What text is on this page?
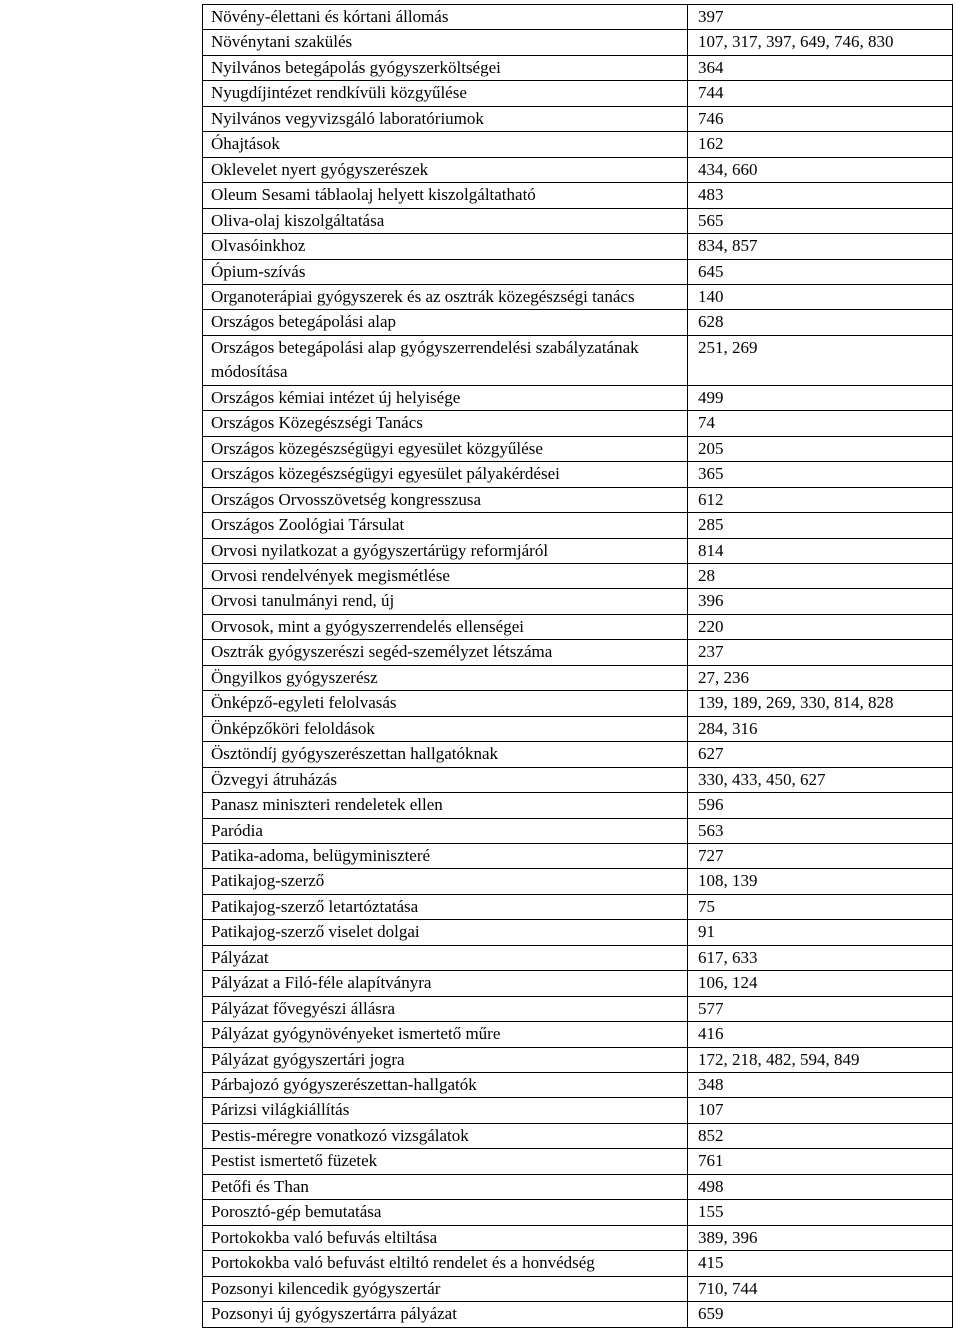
Növény-élettani és kórtani állomás	397
Növénytani szakülés	107, 317, 397, 649, 746, 830
Nyilvános betegápolás gyógyszerköltségei	364
Nyugdíjintézet rendkívüli közgyűlése	744
Nyilvános vegyvizsgáló laboratóriumok	746
Óhajtások	162
Oklevelet nyert gyógyszerészek	434, 660
Oleum Sesami táblaolaj helyett kiszolgáltatható	483
Oliva-olaj kiszolgáltatása	565
Olvasóinkhoz	834, 857
Ópium-szívás	645
Organoterápiai gyógyszerek és az osztrák közegészségi tanács	140
Országos betegápolási alap	628
Országos betegápolási alap gyógyszerrendelési szabályzatának módosítása	251, 269
Országos kémiai intézet új helyisége	499
Országos Közegészségi Tanács	74
Országos közegészségügyi egyesület közgyűlése	205
Országos közegészségügyi egyesület pályakérdései	365
Országos Orvosszövetség kongresszusa	612
Országos Zoológiai Társulat	285
Orvosi nyilatkozat a gyógyszertárügy reformjáról	814
Orvosi rendelvények megismétlése	28
Orvosi tanulmányi rend, új	396
Orvosok, mint a gyógyszerrendelés ellenségei	220
Osztrák gyógyszerészi segéd-személyzet létszáma	237
Öngyilkos gyógyszerész	27, 236
Önképző-egyleti felolvasás	139, 189, 269, 330, 814, 828
Önképzőköri feloldások	284, 316
Ösztöndíj gyógyszerészettan hallgatóknak	627
Özvegyi átruházás	330, 433, 450, 627
Panasz miniszteri rendeletek ellen	596
Paródia	563
Patika-adoma, belügyminiszteré	727
Patikajog-szerző	108, 139
Patikajog-szerző letartóztatása	75
Patikajog-szerző viselet dolgai	91
Pályázat	617, 633
Pályázat a Filó-féle alapítványra	106, 124
Pályázat fővegyészi állásra	577
Pályázat gyógynövényeket ismertető műre	416
Pályázat gyógyszertári jogra	172, 218, 482, 594, 849
Párbajozó gyógyszerészettan-hallgatók	348
Párizsi világkiállítás	107
Pestis-méregre vonatkozó vizsgálatok	852
Pestist ismertető füzetek	761
Petőfi és Than	498
Porosztó-gép bemutatása	155
Portokokba való befuvás eltiltása	389, 396
Portokokba való befuvást eltiltó rendelet és a honvédség	415
Pozsonyi kilencedik gyógyszertár	710, 744
Pozsonyi új gyógyszertárra pályázat	659
